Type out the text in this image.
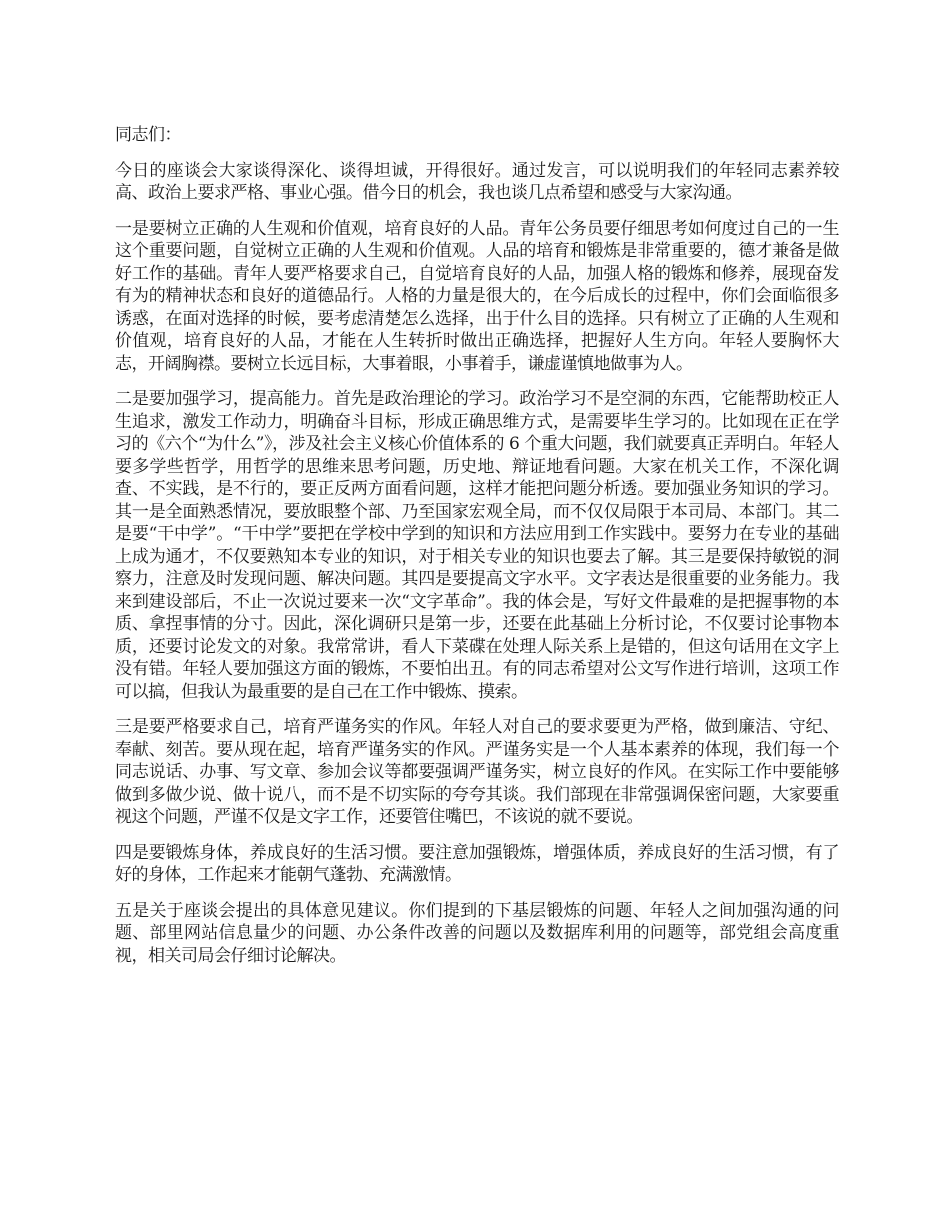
同志们：

今日的座谈会大家谈得深化、谈得坦诚，开得很好。通过发言，可以说明我们的年轻同志素养较高、政治上要求严格、事业心强。借今日的机会，我也谈几点希望和感受与大家沟通。

一是要树立正确的人生观和价值观，培育良好的人品。青年公务员要仔细思考如何度过自己的一生这个重要问题，自觉树立正确的人生观和价值观。人品的培育和锻炼是非常重要的，德才兼备是做好工作的基础。青年人要严格要求自己，自觉培育良好的人品，加强人格的锻炼和修养，展现奋发有为的精神状态和良好的道德品行。人格的力量是很大的，在今后成长的过程中，你们会面临很多诱惑，在面对选择的时候，要考虑清楚怎么选择，出于什么目的选择。只有树立了正确的人生观和价值观，培育良好的人品，才能在人生转折时做出正确选择，把握好人生方向。年轻人要胸怀大志，开阔胸襟。要树立长远目标，大事着眼，小事着手，谦虚谨慎地做事为人。

二是要加强学习，提高能力。首先是政治理论的学习。政治学习不是空洞的东西，它能帮助校正人生追求，激发工作动力，明确奋斗目标，形成正确思维方式，是需要毕生学习的。比如现在正在学习的《六个“为什么”》，涉及社会主义核心价值体系的 6 个重大问题，我们就要真正弄明白。年轻人要多学些哲学，用哲学的思维来思考问题，历史地、辩证地看问题。大家在机关工作，不深化调查、不实践，是不行的，要正反两方面看问题，这样才能把问题分析透。要加强业务知识的学习。其一是全面熟悉情况，要放眼整个部、乃至国家宏观全局，而不仅仅局限于本司局、本部门。其二是要“干中学”。“干中学”要把在学校中学到的知识和方法应用到工作实践中。要努力在专业的基础上成为通才，不仅要熟知本专业的知识，对于相关专业的知识也要去了解。其三是要保持敏锐的洞察力，注意及时发现问题、解决问题。其四是要提高文字水平。文字表达是很重要的业务能力。我来到建设部后，不止一次说过要来一次“文字革命”。我的体会是，写好文件最难的是把握事物的本质、拿捏事情的分寸。因此，深化调研只是第一步，还要在此基础上分析讨论，不仅要讨论事物本质，还要讨论发文的对象。我常常讲，看人下菜碟在处理人际关系上是错的，但这句话用在文字上没有错。年轻人要加强这方面的锻炼，不要怕出丑。有的同志希望对公文写作进行培训，这项工作可以搞，但我认为最重要的是自己在工作中锻炼、摸索。

三是要严格要求自己，培育严谨务实的作风。年轻人对自己的要求要更为严格，做到廉洁、守纪、奉献、刻苦。要从现在起，培育严谨务实的作风。严谨务实是一个人基本素养的体现，我们每一个同志说话、办事、写文章、参加会议等都要强调严谨务实，树立良好的作风。在实际工作中要能够做到多做少说、做十说八，而不是不切实际的夸夸其谈。我们部现在非常强调保密问题，大家要重视这个问题，严谨不仅是文字工作，还要管住嘴巴，不该说的就不要说。

四是要锻炼身体，养成良好的生活习惯。要注意加强锻炼，增强体质，养成良好的生活习惯，有了好的身体，工作起来才能朝气蓬勃、充满激情。

五是关于座谈会提出的具体意见建议。你们提到的下基层锻炼的问题、年轻人之间加强沟通的问题、部里网站信息量少的问题、办公条件改善的问题以及数据库利用的问题等，部党组会高度重视，相关司局会仔细讨论解决。
